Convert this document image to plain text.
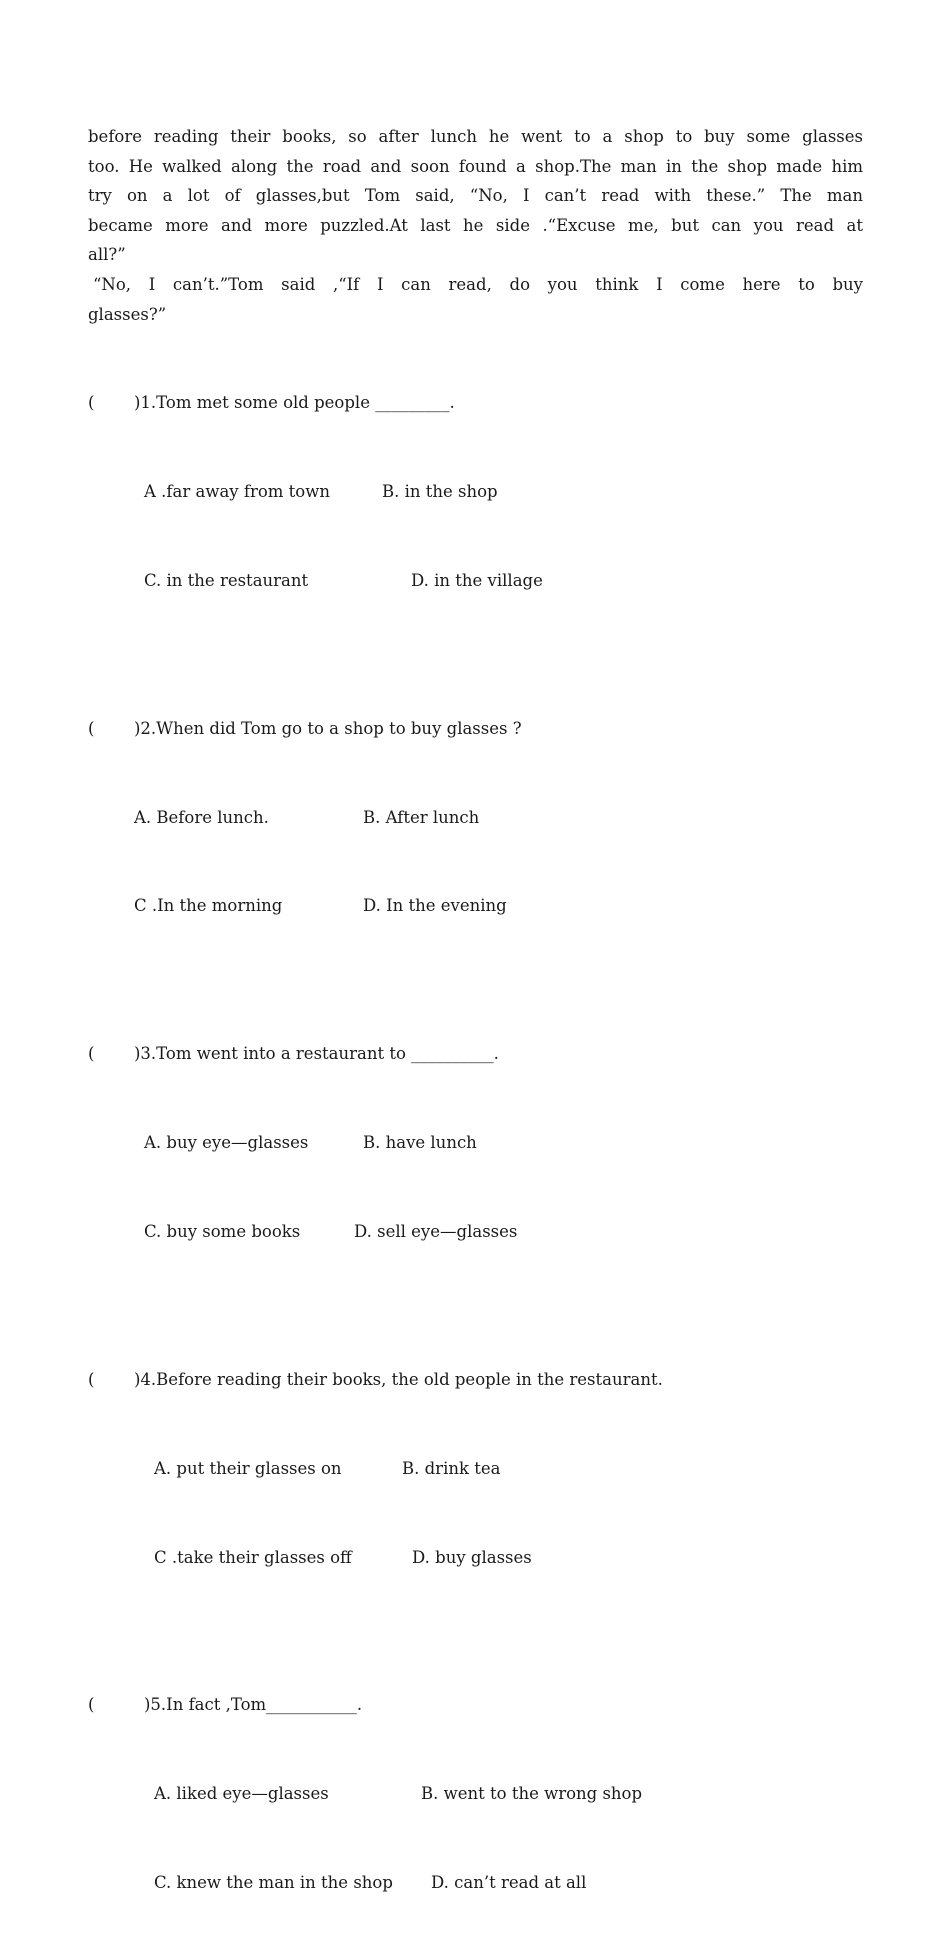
before reading their books, so after lunch he went to a shop to buy some glasses
too. He walked along the road and soon found a shop.The man in the shop made him
try on a lot of glasses,but Tom said, “No, I can’t read with these.” The man
became more and more puzzled.At last he side .“Excuse me, but can you read at
all?”
“No, I can’t.”Tom said ,“If I can read, do you think I come here to buy
glasses?”

( )1.Tom met some old people _________.

A .far away from town	B. in the shop

C. in the restaurant	D. in the village

( )2.When did Tom go to a shop to buy glasses ?

A. Before lunch.	B. After lunch

C .In the morning	D. In the evening

( )3.Tom went into a restaurant to __________.

A. buy eye—glasses	B. have lunch

C. buy some books	D. sell eye—glasses

( )4.Before reading their books, the old people in the restaurant.

A. put their glasses on	B. drink tea

C .take their glasses off	D. buy glasses

(	)5.In fact ,Tom___________.

A. liked eye—glasses	B. went to the wrong shop

C. knew the man in the shop D. can’t read at all
